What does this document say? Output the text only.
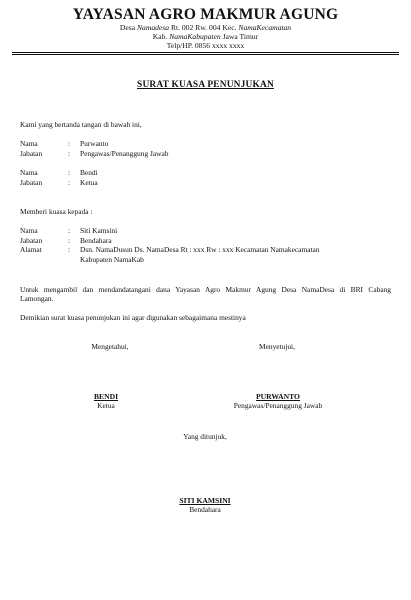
YAYASAN AGRO MAKMUR AGUNG
Desa Namadesa Rt. 002 Rw. 004 Kec. NamaKecamatan
Kab. NamaKabupaten Jawa Timur
Telp/HP. 0856 xxxx xxxx
SURAT KUASA PENUNJUKAN
Kami yang bertanda tangan di bawah ini,
Nama	: Purwanto
Jabatan	: Pengawas/Penanggung Jawab
Nama	: Bendi
Jabatan	: Ketua
Memberi kuasa kepada :
Nama	: Siti Kamsini
Jabatan	: Bendahara
Alamat	: Dsn. NamaDusun Ds. NamaDesa Rt : xxx Rw : xxx Kecamatan Namakecamatan
Kabupaten NamaKab
Untuk mengambil dan mendandatangani dana Yayasan Agro Makmur Agung Desa NamaDesa di BRI Cabang
Lamongan.
Demikian surat kuasa penunjukan ini agar digunakan sebagaimana mestinya
Mengetahui,	Menyetujui,
BENDI
Ketua
PURWANTO
Pengawas/Penanggung Jawab
Yang ditunjuk,
SITI KAMSINI
Bendahara
